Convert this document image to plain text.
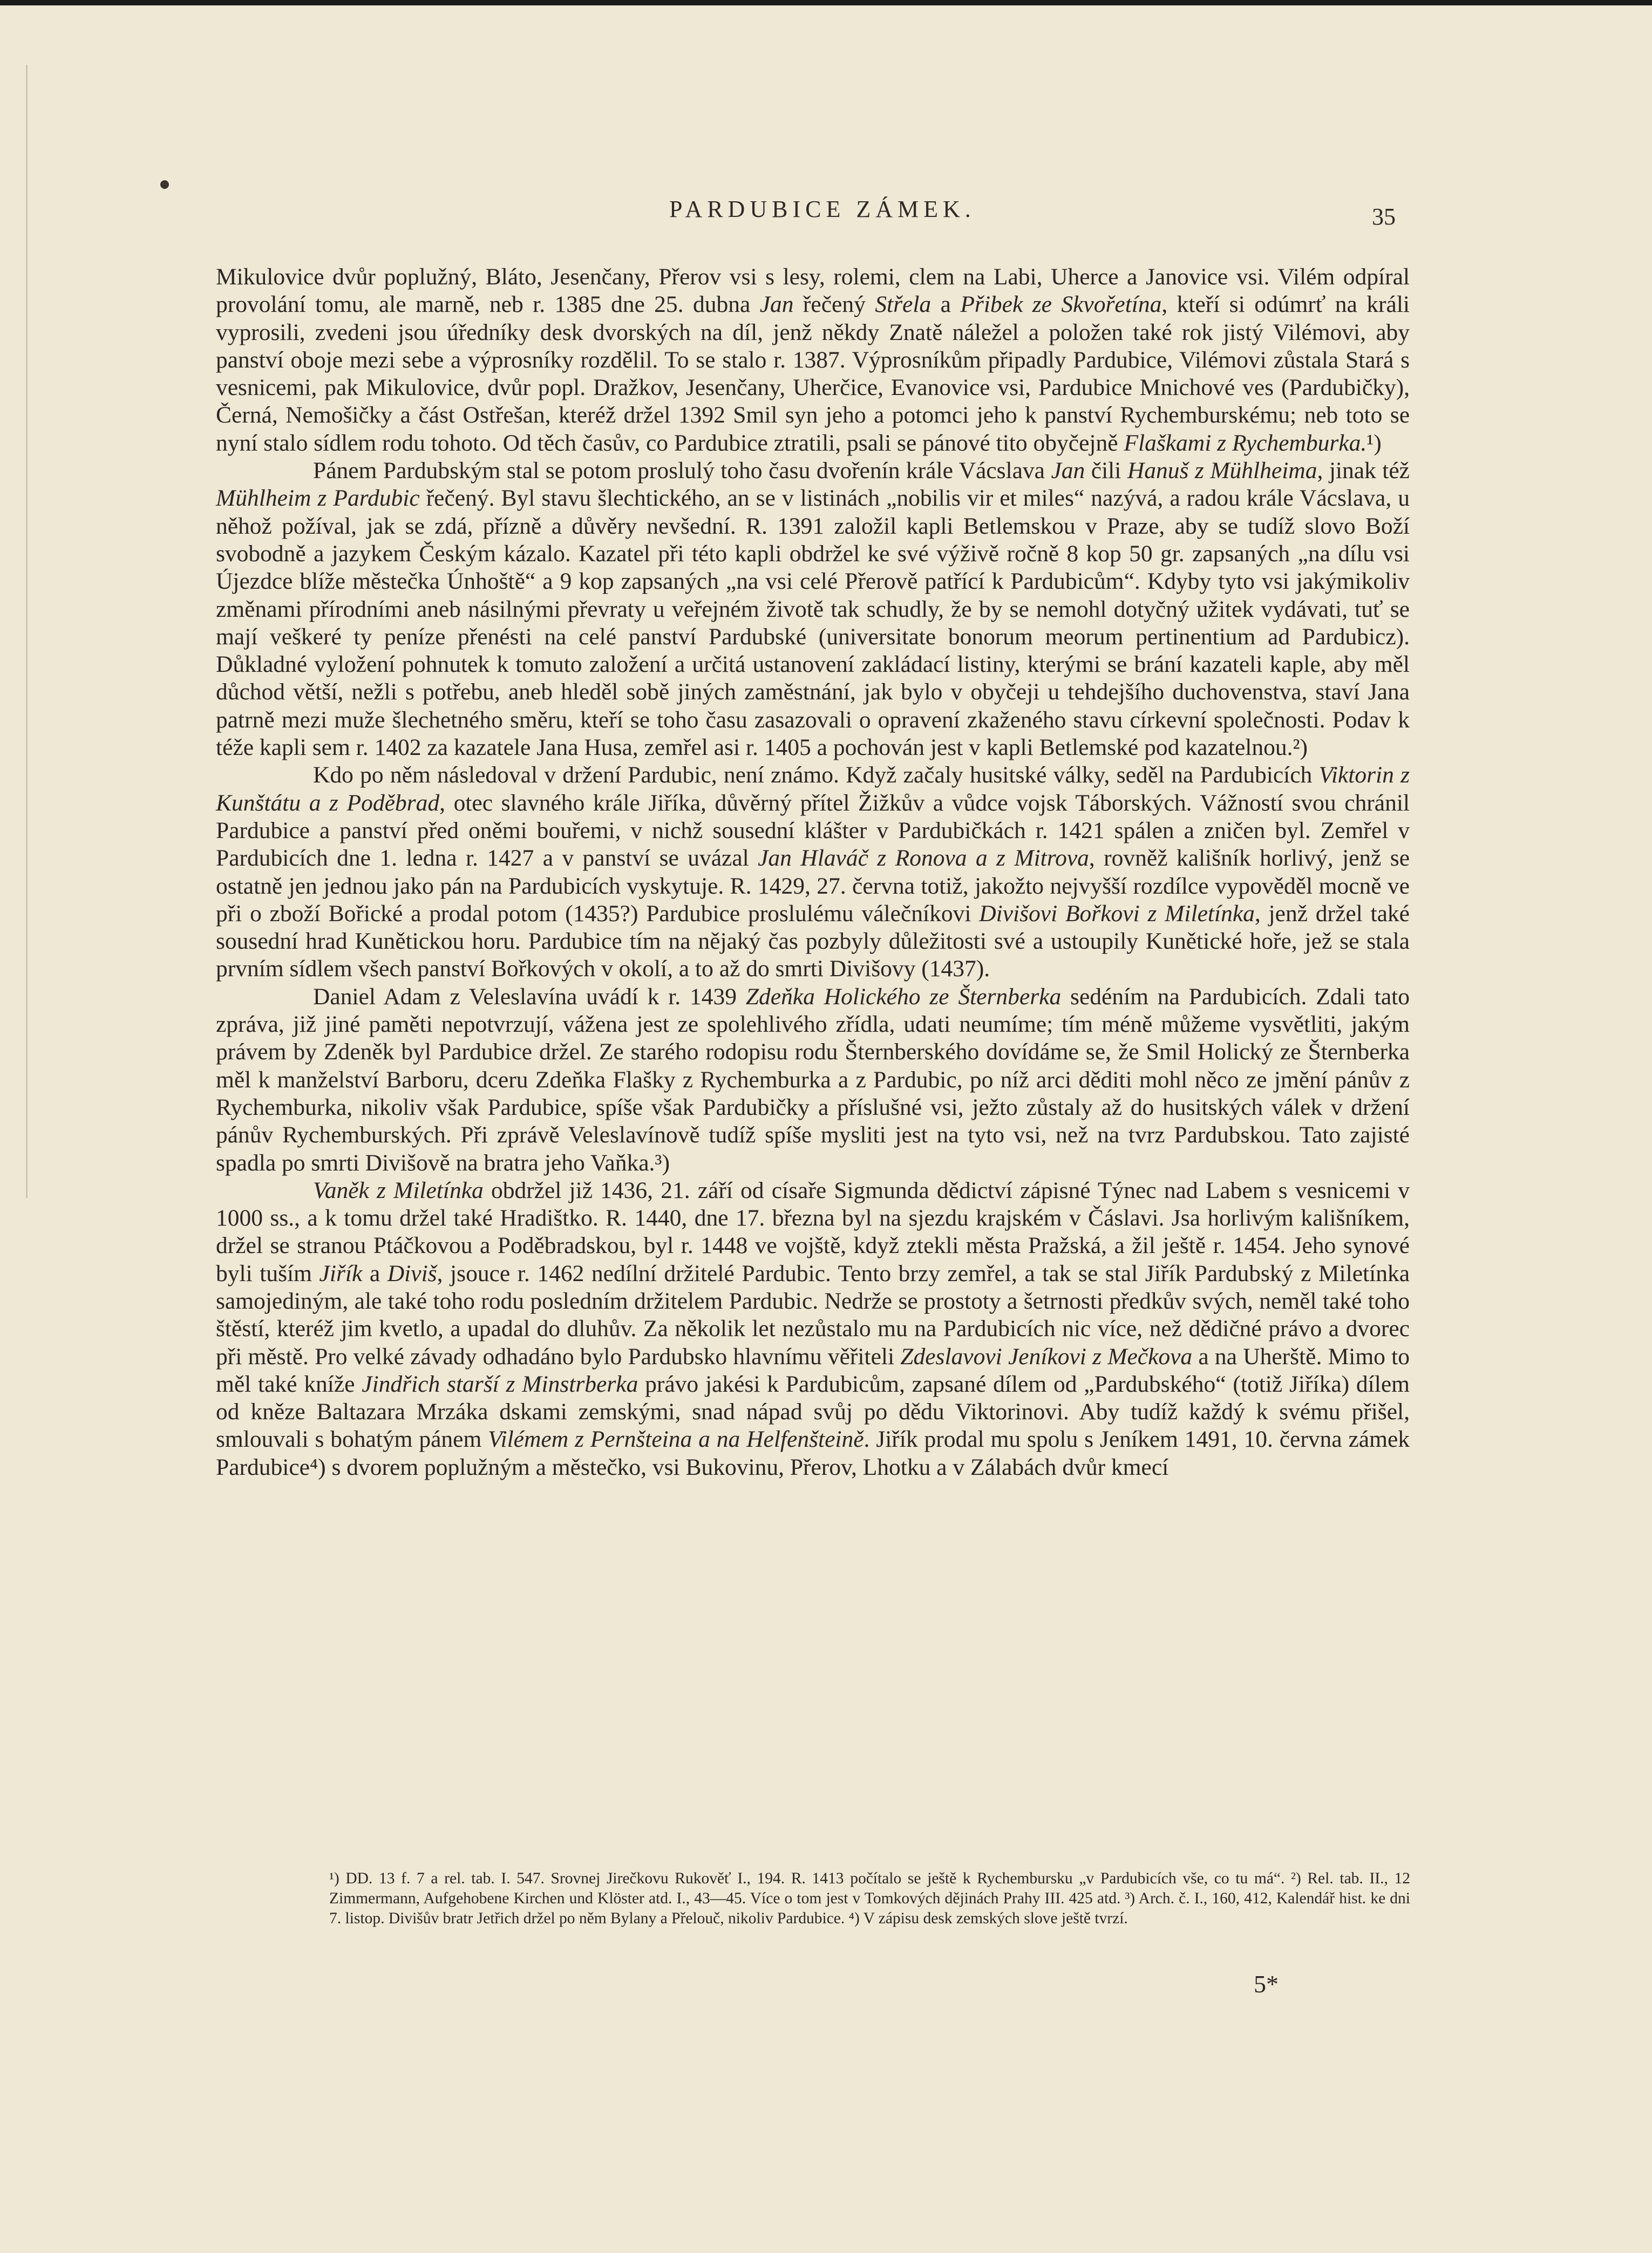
PARDUBICE ZÁMEK.	35

Mikulovice dvůr poplužný, Bláto, Jesenčany, Přerov vsi s lesy, rolemi, clem na Labi, Uherce a Janovice vsi. Vilém odpíral provolání tomu, ale marně, neb r. 1385 dne 25. dubna Jan řečený Střela a Přibek ze Skvořetína, kteří si odúmrť na králi vyprosili, zvedeni jsou úředníky desk dvorských na díl, jenž někdy Znatě náležel a položen také rok jistý Vilémovi, aby panství oboje mezi sebe a výprosníky rozdělil. To se stalo r. 1387. Výprosníkům připadly Pardubice, Vilémovi zůstala Stará s vesnicemi, pak Mikulovice, dvůr popl. Dražkov, Jesenčany, Uherčice, Evanovice vsi, Pardubice Mnichové ves (Pardubičky), Černá, Nemošičky a část Ostřešan, kteréž držel 1392 Smil syn jeho a potomci jeho k panství Rychemburskému; neb toto se nyní stalo sídlem rodu tohoto. Od těch časův, co Pardubice ztratili, psali se pánové tito obyčejně Flaškami z Rychemburka.¹)

Pánem Pardubským stal se potom proslulý toho času dvořenín krále Vácslava Jan čili Hanuš z Mühlheima, jinak též Mühlheim z Pardubic řečený. Byl stavu šlechtického, an se v listinách „nobilis vir et miles“ nazývá, a radou krále Vácslava, u něhož požíval, jak se zdá, přízně a důvěry nevšední. R. 1391 založil kapli Betlemskou v Praze, aby se tudíž slovo Boží svobodně a jazykem Českým kázalo. Kazatel při této kapli obdržel ke své výživě ročně 8 kop 50 gr. zapsaných „na dílu vsi Újezdce blíže městečka Únhoště“ a 9 kop zapsaných „na vsi celé Přerově patřící k Pardubicům“. Kdyby tyto vsi jakýmikoliv změnami přírodními aneb násilnými převraty u veřejném životě tak schudly, že by se nemohl dotyčný užitek vydávati, tuť se mají veškeré ty peníze přenésti na celé panství Pardubské (universitate bonorum meorum pertinentium ad Pardubicz). Důkladné vyložení pohnutek k tomuto založení a určitá ustanovení zakládací listiny, kterými se brání kazateli kaple, aby měl důchod větší, nežli s potřebu, aneb hleděl sobě jiných zaměstnání, jak bylo v obyčeji u tehdejšího duchovenstva, staví Jana patrně mezi muže šlechetného směru, kteří se toho času zasazovali o opravení zkaženého stavu církevní společnosti. Podav k téže kapli sem r. 1402 za kazatele Jana Husa, zemřel asi r. 1405 a pochován jest v kapli Betlemské pod kazatelnou.²)

Kdo po něm následoval v držení Pardubic, není známo. Když začaly husitské války, seděl na Pardubicích Viktorin z Kunštátu a z Poděbrad, otec slavného krále Jiříka, důvěrný přítel Žižkův a vůdce vojsk Táborských. Vážností svou chránil Pardubice a panství před oněmi bouřemi, v nichž sousední klášter v Pardubičkách r. 1421 spálen a zničen byl. Zemřel v Pardubicích dne 1. ledna r. 1427 a v panství se uvázal Jan Hlaváč z Ronova a z Mitrova, rovněž kališník horlivý, jenž se ostatně jen jednou jako pán na Pardubicích vyskytuje. R. 1429, 27. června totiž, jakožto nejvyšší rozdílce vypověděl mocně ve při o zboží Bořické a prodal potom (1435?) Pardubice proslulému válečníkovi Divišovi Bořkovi z Miletínka, jenž držel také sousední hrad Kunětickou horu. Pardubice tím na nějaký čas pozbyly důležitosti své a ustoupily Kunětické hoře, jež se stala prvním sídlem všech panství Bořkových v okolí, a to až do smrti Divišovy (1437).

Daniel Adam z Veleslavína uvádí k r. 1439 Zdeňka Holického ze Šternberka sedéním na Pardubicích. Zdali tato zpráva, již jiné paměti nepotvrzují, vážena jest ze spolehlivého zřídla, udati neumíme; tím méně můžeme vysvětliti, jakým právem by Zdeněk byl Pardubice držel. Ze starého rodopisu rodu Šternberského dovídáme se, že Smil Holický ze Šternberka měl k manželství Barboru, dceru Zdeňka Flašky z Rychemburka a z Pardubic, po níž arci děditi mohl něco ze jmění pánův z Rychemburka, nikoliv však Pardubice, spíše však Pardubičky a příslušné vsi, ježto zůstaly až do husitských válek v držení pánův Rychemburských. Při zprávě Veleslavínově tudíž spíše mysliti jest na tyto vsi, než na tvrz Pardubskou. Tato zajisté spadla po smrti Divišově na bratra jeho Vaňka.³)

Vaněk z Miletínka obdržel již 1436, 21. září od císaře Sigmunda dědictví zápisné Týnec nad Labem s vesnicemi v 1000 ss., a k tomu držel také Hradištko. R. 1440, dne 17. března byl na sjezdu krajském v Čáslavi. Jsa horlivým kališníkem, držel se stranou Ptáčkovou a Poděbradskou, byl r. 1448 ve vojště, když ztekli města Pražská, a žil ještě r. 1454. Jeho synové byli tuším Jiřík a Diviš, jsouce r. 1462 nedílní držitelé Pardubic. Tento brzy zemřel, a tak se stal Jiřík Pardubský z Miletínka samojediným, ale také toho rodu posledním držitelem Pardubic. Nedrže se prostoty a šetrnosti předkův svých, neměl také toho štěstí, kteréž jim kvetlo, a upadal do dluhův. Za několik let nezůstalo mu na Pardubicích nic více, než dědičné právo a dvorec při městě. Pro velké závady odhadáno bylo Pardubsko hlavnímu věřiteli Zdeslavovi Jeníkovi z Mečkova a na Uherště. Mimo to měl také kníže Jindřich starší z Minstrberka právo jakési k Pardubicům, zapsané dílem od „Pardubského“ (totiž Jiříka) dílem od kněze Baltazara Mrzáka dskami zemskými, snad nápad svůj po dědu Viktorinovi. Aby tudíž každý k svému přišel, smlouvali s bohatým pánem Vilémem z Pernšteina a na Helfenšteině. Jiřík prodal mu spolu s Jeníkem 1491, 10. června zámek Pardubice⁴) s dvorem poplužným a městečko, vsi Bukovinu, Přerov, Lhotku a v Zálabách dvůr kmecí

¹) DD. 13 f. 7 a rel. tab. I. 547. Srovnej Jirečkovu Rukověť I., 194. R. 1413 počítalo se ještě k Rychembursku „v Pardubicích vše, co tu má“. ²) Rel. tab. II., 12 Zimmermann, Aufgehobene Kirchen und Klöster atd. I., 43—45. Více o tom jest v Tomkových dějinách Prahy III. 425 atd. ³) Arch. č. I., 160, 412, Kalendář hist. ke dni 7. listop. Divišův bratr Jetřich držel po něm Bylany a Přelouč, nikoliv Pardubice. ⁴) V zápisu desk zemských slove ještě tvrzí.

5*
